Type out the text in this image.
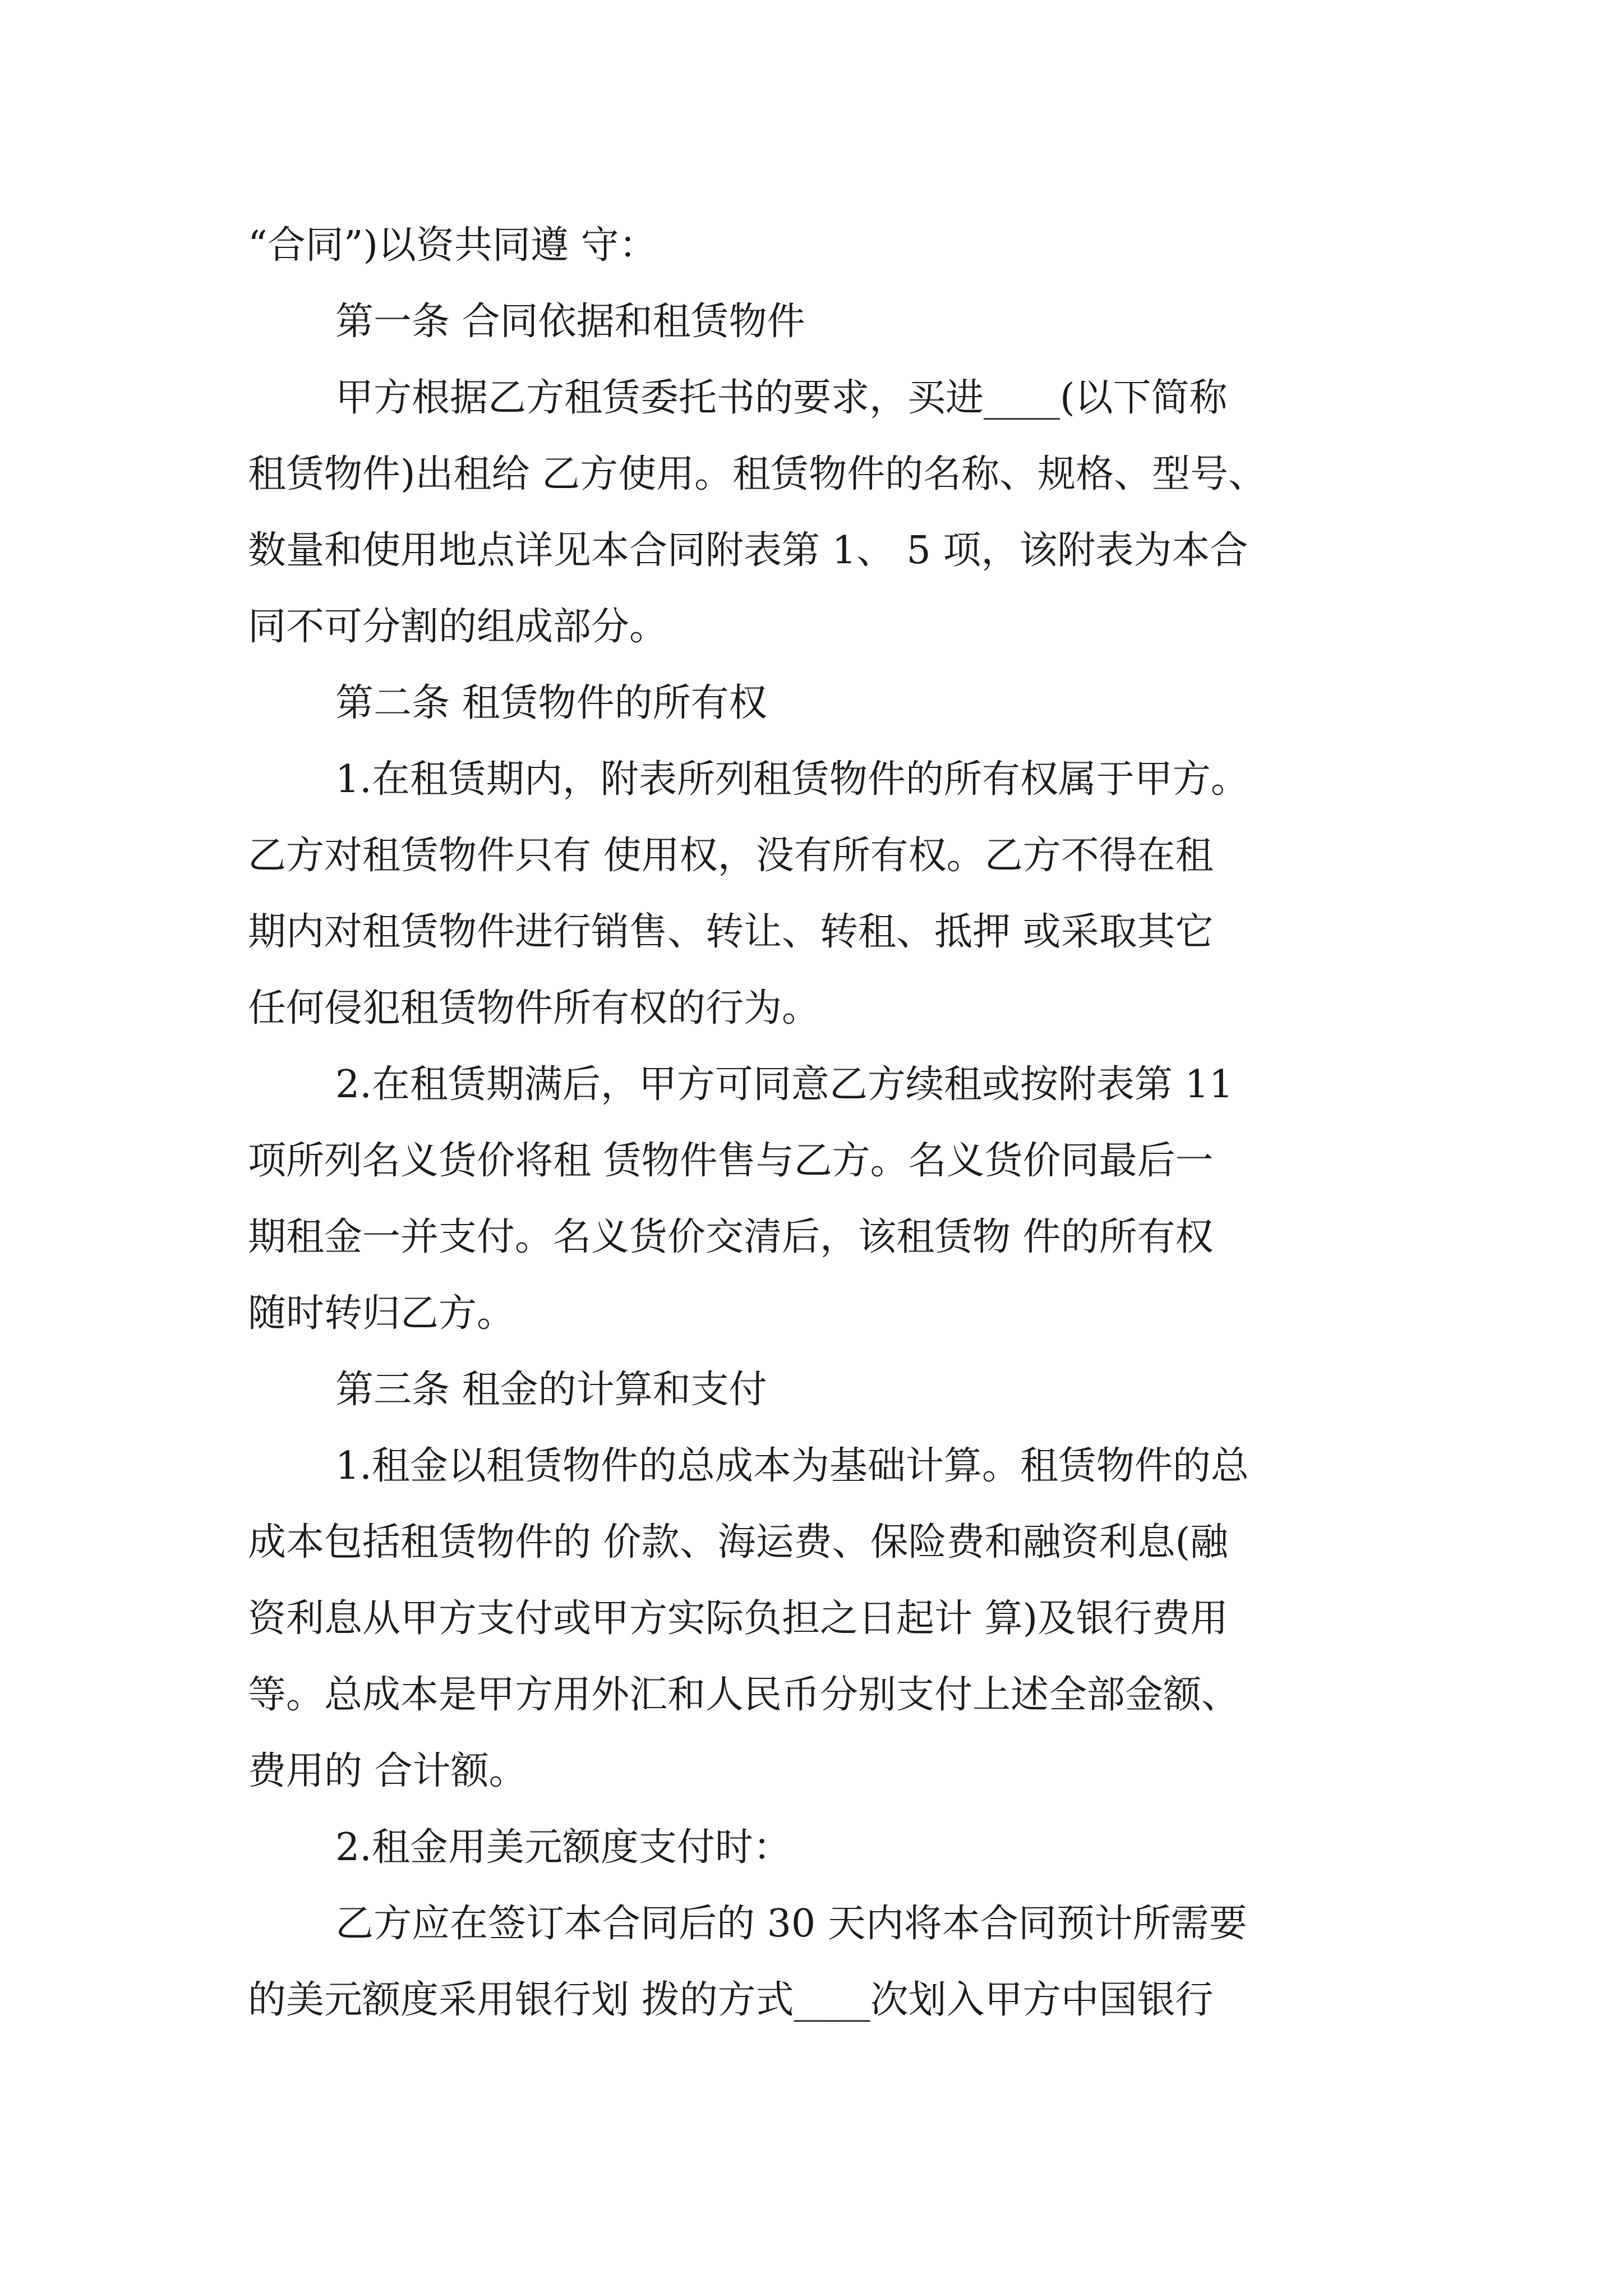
“合同”)以资共同遵 守：
第一条 合同依据和租赁物件
甲方根据乙方租赁委托书的要求，买进____(以下简称
租赁物件)出租给 乙方使用。租赁物件的名称、规格、型号、
数量和使用地点详见本合同附表第 1、 5 项，该附表为本合
同不可分割的组成部分。
第二条 租赁物件的所有权
1.在租赁期内，附表所列租赁物件的所有权属于甲方。
乙方对租赁物件只有 使用权，没有所有权。乙方不得在租
期内对租赁物件进行销售、转让、转租、抵押 或采取其它
任何侵犯租赁物件所有权的行为。
2.在租赁期满后，甲方可同意乙方续租或按附表第 11
项所列名义货价将租 赁物件售与乙方。名义货价同最后一
期租金一并支付。名义货价交清后，该租赁物 件的所有权
随时转归乙方。
第三条 租金的计算和支付
1.租金以租赁物件的总成本为基础计算。租赁物件的总
成本包括租赁物件的 价款、海运费、保险费和融资利息(融
资利息从甲方支付或甲方实际负担之日起计 算)及银行费用
等。总成本是甲方用外汇和人民币分别支付上述全部金额、
费用的 合计额。
2.租金用美元额度支付时：
乙方应在签订本合同后的 30 天内将本合同预计所需要
的美元额度采用银行划 拨的方式____次划入甲方中国银行
